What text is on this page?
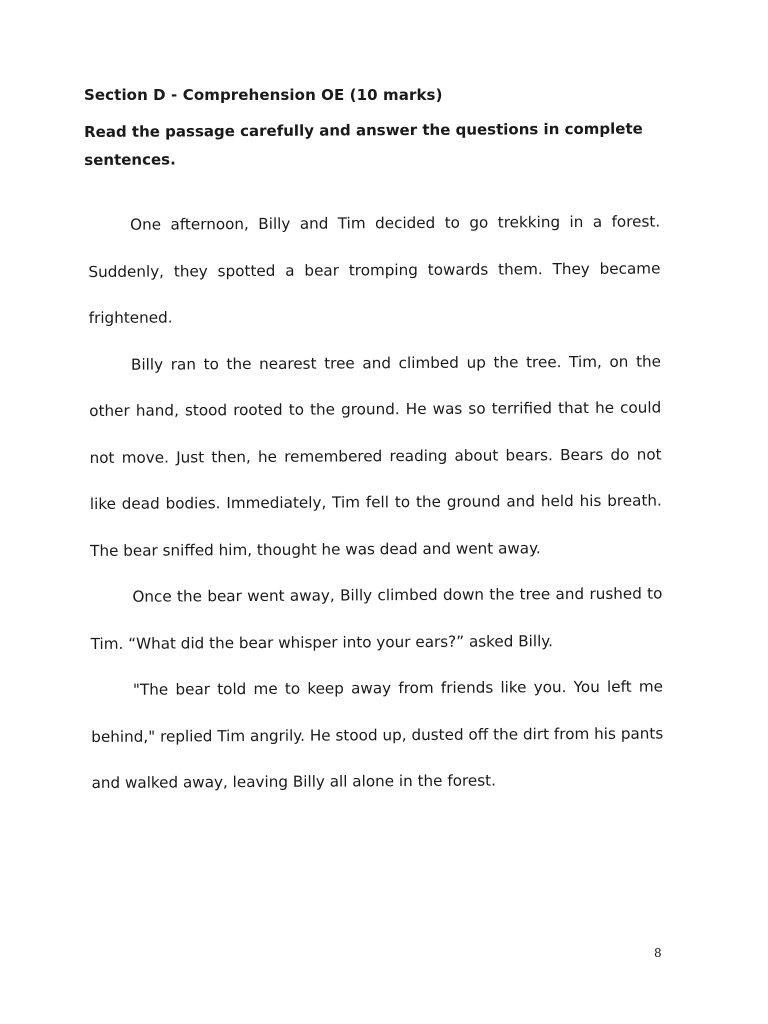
Section D - Comprehension OE (10 marks)
Read the passage carefully and answer the questions in complete sentences.

One afternoon, Billy and Tim decided to go trekking in a forest. Suddenly, they spotted a bear tromping towards them. They became frightened.

Billy ran to the nearest tree and climbed up the tree. Tim, on the other hand, stood rooted to the ground. He was so terrified that he could not move. Just then, he remembered reading about bears. Bears do not like dead bodies. Immediately, Tim fell to the ground and held his breath. The bear sniffed him, thought he was dead and went away.

Once the bear went away, Billy climbed down the tree and rushed to Tim. “What did the bear whisper into your ears?” asked Billy.

"The bear told me to keep away from friends like you. You left me behind," replied Tim angrily. He stood up, dusted off the dirt from his pants and walked away, leaving Billy all alone in the forest.

8
